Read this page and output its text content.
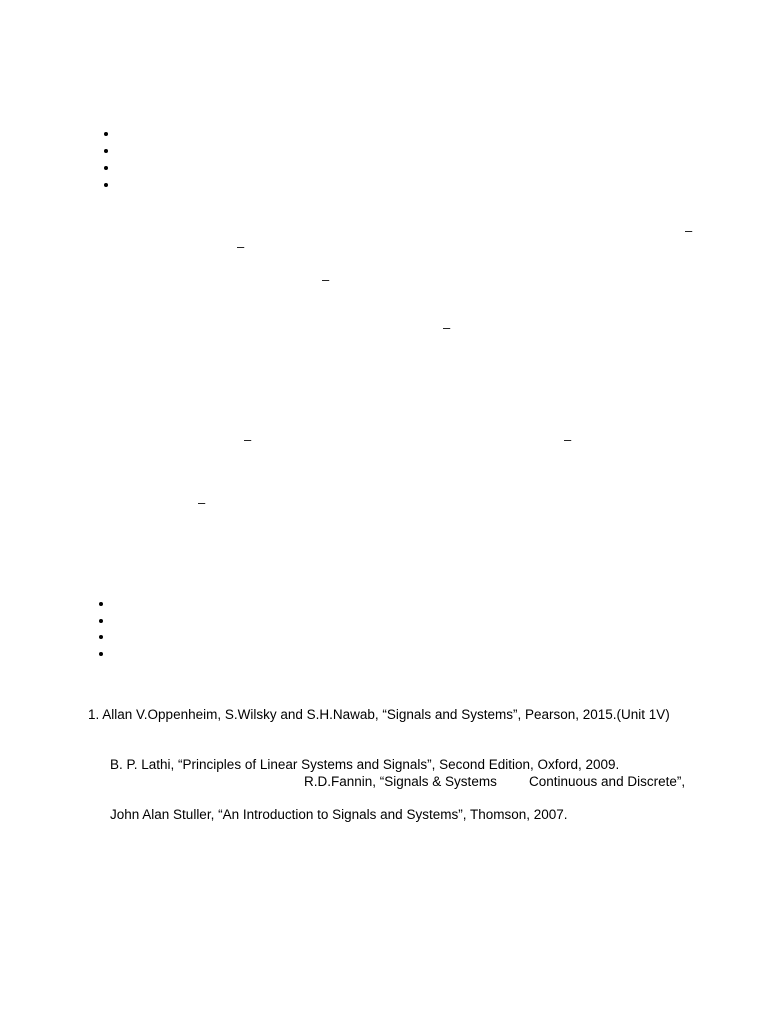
–
–
–
–
–	–
–
1. Allan V.Oppenheim, S.Wilsky and S.H.Nawab, “Signals and Systems”, Pearson, 2015.(Unit 1V)
B. P. Lathi, “Principles of Linear Systems and Signals”, Second Edition, Oxford, 2009.
R.D.Fannin, “Signals & Systems Continuous and Discrete”,
John Alan Stuller, “An Introduction to Signals and Systems”, Thomson, 2007.
